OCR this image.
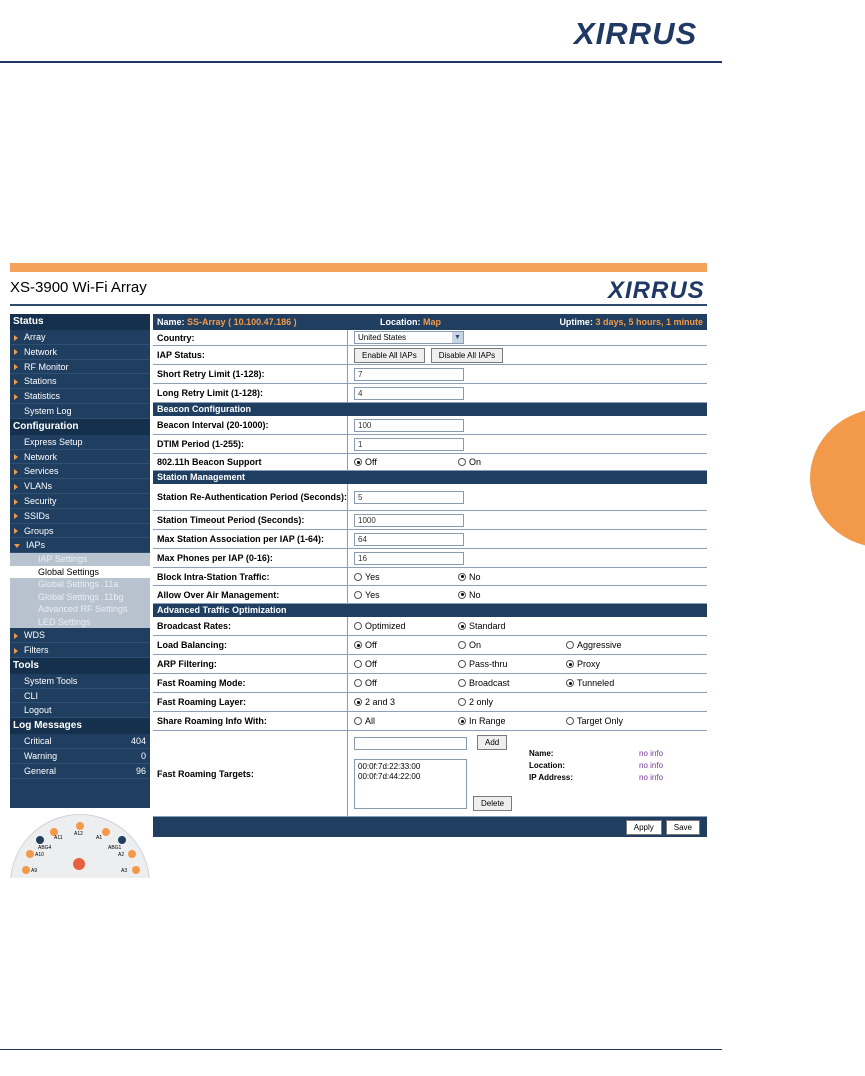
XIRRUS
XS-3900 Wi-Fi Array	XIRRUS
Status
Array
Network
RF Monitor
Stations
Statistics
System Log
Configuration
Express Setup
Network
Services
VLANs
Security
SSIDs
Groups
IAPs
IAP Settings
Global Settings
Global Settings .11a
Global Settings .11bg
Advanced RF Settings
LED Settings
WDS
Filters
Tools
System Tools
CLI
Logout
Log Messages
Critical	404
Warning	0
General	96
A12
A11	A1
ABG4	ABG1
A10	A2
A9	A3
Name: SS-Array ( 10.100.47.186 )	Location: Map	Uptime: 3 days, 5 hours, 1 minute
Country:	United States	▼
IAP Status:	Enable All IAPs	Disable All IAPs
Short Retry Limit (1-128):	7
Long Retry Limit (1-128):	4
Beacon Configuration
Beacon Interval (20-1000):	100
DTIM Period (1-255):	1
802.11h Beacon Support	Off	On
Station Management
Station Re-Authentication Period (Seconds):	5
Station Timeout Period (Seconds):	1000
Max Station Association per IAP (1-64):	64
Max Phones per IAP (0-16):	16
Block Intra-Station Traffic:	Yes	No
Allow Over Air Management:	Yes	No
Advanced Traffic Optimization
Broadcast Rates:	Optimized	Standard
Load Balancing:	Off	On	Aggressive
ARP Filtering:	Off	Pass-thru	Proxy
Fast Roaming Mode:	Off	Broadcast	Tunneled
Fast Roaming Layer:	2 and 3	2 only
Share Roaming Info With:	All	In Range	Target Only
Fast Roaming Targets:
Add
00:0f:7d:22:33:00
00:0f:7d:44:22:00
Delete
Name:	no info
Location:	no info
IP Address:	no info
Apply	Save
